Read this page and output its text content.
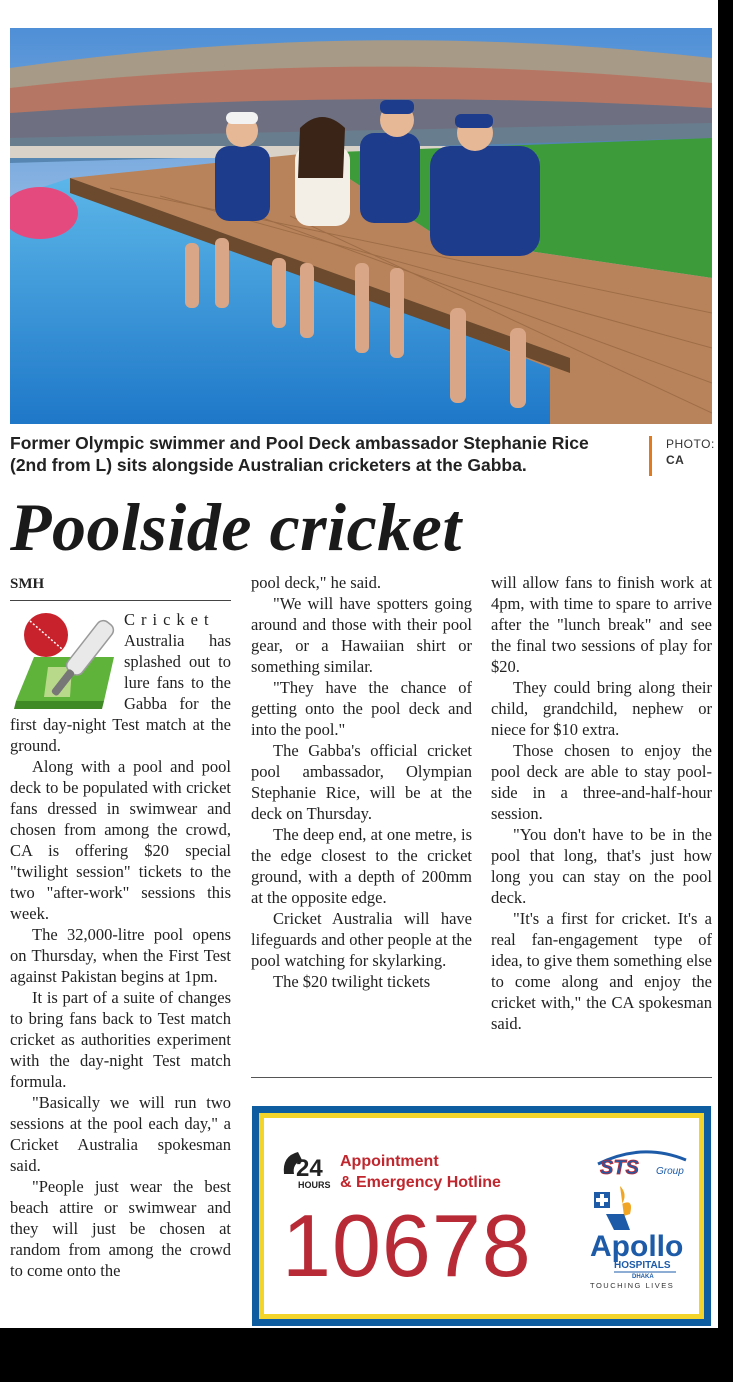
Former Olympic swimmer and Pool Deck ambassador Stephanie Rice (2nd from L) sits alongside Australian cricketers at the Gabba.
PHOTO:
CA
Poolside cricket
SMH

Cricket

Australia has splashed out to lure fans to the Gabba for the first day-night Test match at the ground.

Along with a pool and pool deck to be populated with cricket fans dressed in swimwear and chosen from among the crowd, CA is offering $20 special "twilight session" tickets to the two "after-work" sessions this week.

The 32,000-litre pool opens on Thursday, when the First Test against Pakistan begins at 1pm.

It is part of a suite of changes to bring fans back to Test match cricket as authorities experiment with the day-night Test match formula.

"Basically we will run two sessions at the pool each day," a Cricket Australia spokesman said.

"People just wear the best beach attire or swimwear and they will just be chosen at random from among the crowd to come onto the

pool deck," he said.

"We will have spotters going around and those with their pool gear, or a Hawaiian shirt or something similar.

"They have the chance of getting onto the pool deck and into the pool."

The Gabba's official cricket pool ambassador, Olympian Stephanie Rice, will be at the deck on Thursday.

The deep end, at one metre, is the edge closest to the cricket ground, with a depth of 200mm at the opposite edge.

Cricket Australia will have lifeguards and other people at the pool watching for skylarking.

The $20 twilight tickets

will allow fans to finish work at 4pm, with time to spare to arrive after the "lunch break" and see the final two sessions of play for $20.

They could bring along their child, grandchild, nephew or niece for $10 extra.

Those chosen to enjoy the pool deck are able to stay pool-side in a three-and-half-hour session.

"You don't have to be in the pool that long, that's just how long you can stay on the pool deck.

"It's a first for cricket. It's a real fan-engagement type of idea, to give them something else to come along and enjoy the cricket with," the CA spokesman said.

24
HOURS
Appointment
& Emergency Hotline
10678
STS Group
Apollo
HOSPITALS
DHAKA
TOUCHING LIVES
